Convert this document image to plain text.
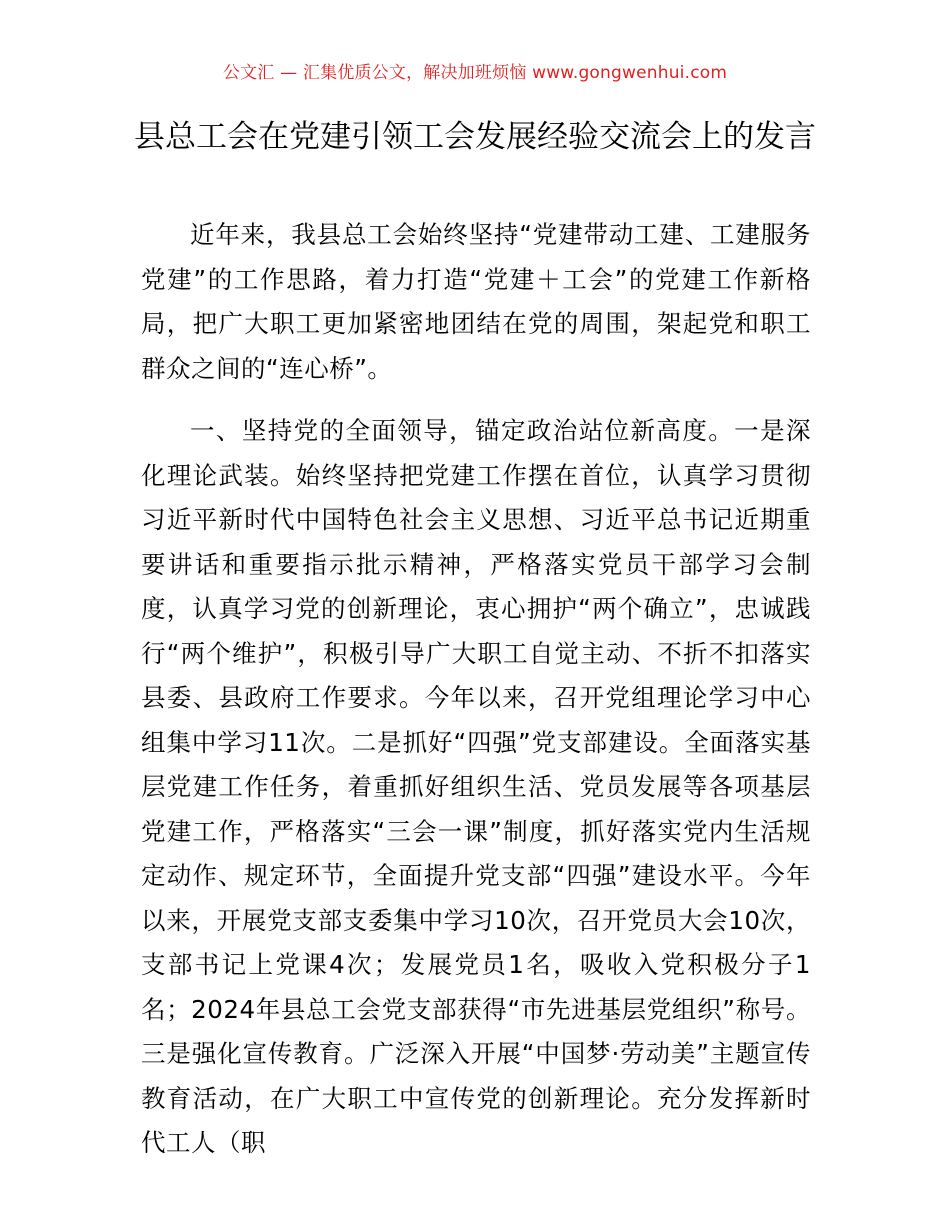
公文汇 — 汇集优质公文，解决加班烦恼 www.gongwenhui.com
县总工会在党建引领工会发展经验交流会上的发言

近年来，我县总工会始终坚持“党建带动工建、工建服务党建”的工作思路，着力打造“党建＋工会”的党建工作新格局，把广大职工更加紧密地团结在党的周围，架起党和职工群众之间的“连心桥”。

一、坚持党的全面领导，锚定政治站位新高度。一是深化理论武装。始终坚持把党建工作摆在首位，认真学习贯彻习近平新时代中国特色社会主义思想、习近平总书记近期重要讲话和重要指示批示精神，严格落实党员干部学习会制度，认真学习党的创新理论，衷心拥护“两个确立”，忠诚践行“两个维护”，积极引导广大职工自觉主动、不折不扣落实县委、县政府工作要求。今年以来，召开党组理论学习中心组集中学习11次。二是抓好“四强”党支部建设。全面落实基层党建工作任务，着重抓好组织生活、党员发展等各项基层党建工作，严格落实“三会一课”制度，抓好落实党内生活规定动作、规定环节，全面提升党支部“四强”建设水平。今年以来，开展党支部支委集中学习10次，召开党员大会10次，支部书记上党课4次；发展党员1名，吸收入党积极分子1名；2024年县总工会党支部获得“市先进基层党组织”称号。三是强化宣传教育。广泛深入开展“中国梦·劳动美”主题宣传教育活动，在广大职工中宣传党的创新理论。充分发挥新时代工人（职
